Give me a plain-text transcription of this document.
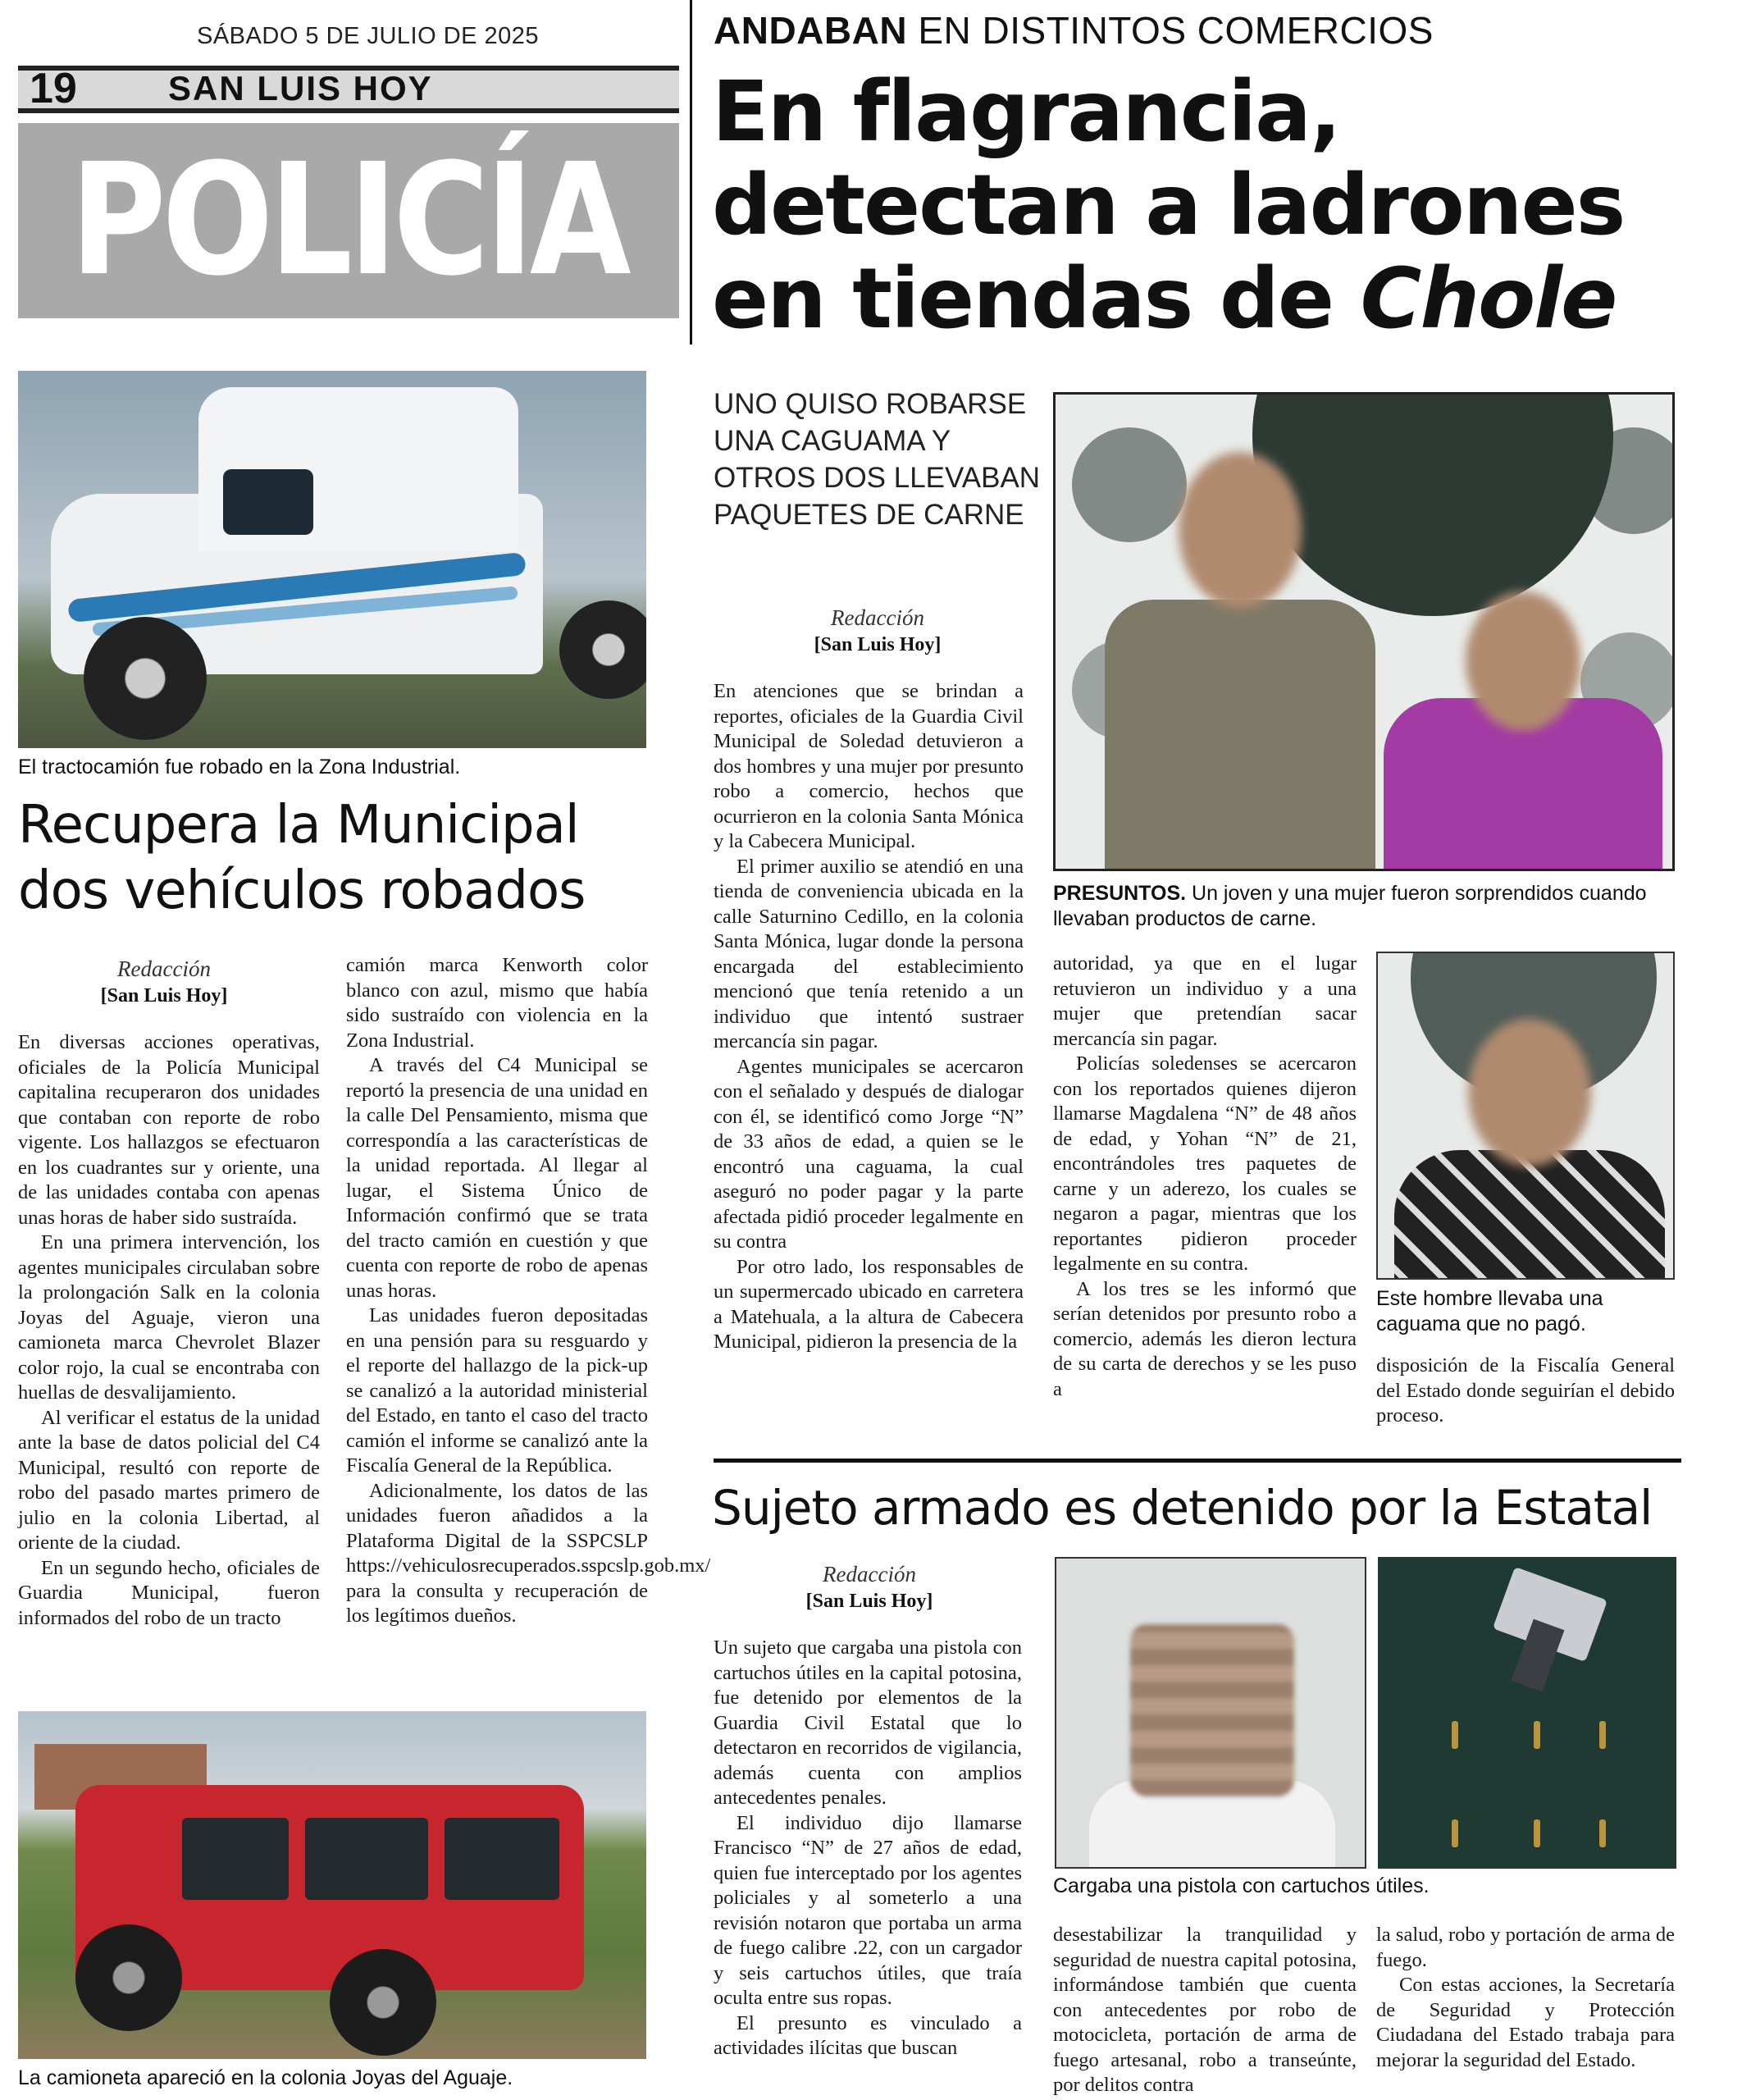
SÁBADO 5 DE JULIO DE 2025
19	SAN LUIS HOY
POLICÍA
ANDABAN EN DISTINTOS COMERCIOS
En flagrancia,
detectan a ladrones
en tiendas de Chole
UNO QUISO ROBARSE UNA CAGUAMA Y OTROS DOS LLEVABAN PAQUETES DE CARNE
Redacción
[San Luis Hoy]

En atenciones que se brindan a reportes, oficiales de la Guardia Civil Municipal de Soledad detuvieron a dos hombres y una mujer por presunto robo a comercio, hechos que ocurrieron en la colonia Santa Mónica y la Cabecera Municipal.

El primer auxilio se atendió en una tienda de conveniencia ubicada en la calle Saturnino Cedillo, en la colonia Santa Mónica, lugar donde la persona encargada del establecimiento mencionó que tenía retenido a un individuo que intentó sustraer mercancía sin pagar.

Agentes municipales se acercaron con el señalado y después de dialogar con él, se identificó como Jorge “N” de 33 años de edad, a quien se le encontró una caguama, la cual aseguró no poder pagar y la parte afectada pidió proceder legalmente en su contra

Por otro lado, los responsables de un supermercado ubicado en carretera a Matehuala, a la altura de Cabecera Municipal, pidieron la presencia de la

autoridad, ya que en el lugar retuvieron un individuo y a una mujer que pretendían sacar mercancía sin pagar.

Policías soledenses se acercaron con los reportados quienes dijeron llamarse Magdalena “N” de 48 años de edad, y Yohan “N” de 21, encontrándoles tres paquetes de carne y un aderezo, los cuales se negaron a pagar, mientras que los reportantes pidieron proceder legalmente en su contra.

A los tres se les informó que serían detenidos por presunto robo a comercio, además les dieron lectura de su carta de derechos y se les puso a

disposición de la Fiscalía General del Estado donde seguirían el debido proceso.

PRESUNTOS. Un joven y una mujer fueron sorprendidos cuando llevaban productos de carne.
Este hombre llevaba una caguama que no pagó.
El tractocamión fue robado en la Zona Industrial.
Recupera la Municipal dos vehículos robados
Redacción
[San Luis Hoy]

En diversas acciones operativas, oficiales de la Policía Municipal capitalina recuperaron dos unidades que contaban con reporte de robo vigente. Los hallazgos se efectuaron en los cuadrantes sur y oriente, una de las unidades contaba con apenas unas horas de haber sido sustraída.

En una primera intervención, los agentes municipales circulaban sobre la prolongación Salk en la colonia Joyas del Aguaje, vieron una camioneta marca Chevrolet Blazer color rojo, la cual se encontraba con huellas de desvalijamiento.

Al verificar el estatus de la unidad ante la base de datos policial del C4 Municipal, resultó con reporte de robo del pasado martes primero de julio en la colonia Libertad, al oriente de la ciudad.

En un segundo hecho, oficiales de Guardia Municipal, fueron informados del robo de un tracto

camión marca Kenworth color blanco con azul, mismo que había sido sustraído con violencia en la Zona Industrial.

A través del C4 Municipal se reportó la presencia de una unidad en la calle Del Pensamiento, misma que correspondía a las características de la unidad reportada. Al llegar al lugar, el Sistema Único de Información confirmó que se trata del tracto camión en cuestión y que cuenta con reporte de robo de apenas unas horas.

Las unidades fueron depositadas en una pensión para su resguardo y el reporte del hallazgo de la pick-up se canalizó a la autoridad ministerial del Estado, en tanto el caso del tracto camión el informe se canalizó ante la Fiscalía General de la República.

Adicionalmente, los datos de las unidades fueron añadidos a la Plataforma Digital de la SSPCSLP https://vehiculosrecuperados.sspcslp.gob.mx/ para la consulta y recuperación de los legítimos dueños.

La camioneta apareció en la colonia Joyas del Aguaje.
Sujeto armado es detenido por la Estatal
Redacción
[San Luis Hoy]

Un sujeto que cargaba una pistola con cartuchos útiles en la capital potosina, fue detenido por elementos de la Guardia Civil Estatal que lo detectaron en recorridos de vigilancia, además cuenta con amplios antecedentes penales.

El individuo dijo llamarse Francisco “N” de 27 años de edad, quien fue interceptado por los agentes policiales y al someterlo a una revisión notaron que portaba un arma de fuego calibre .22, con un cargador y seis cartuchos útiles, que traía oculta entre sus ropas.

El presunto es vinculado a actividades ilícitas que buscan

desestabilizar la tranquilidad y seguridad de nuestra capital potosina, informándose también que cuenta con antecedentes por robo de motocicleta, portación de arma de fuego artesanal, robo a transeúnte, por delitos contra

la salud, robo y portación de arma de fuego.

Con estas acciones, la Secretaría de Seguridad y Protección Ciudadana del Estado trabaja para mejorar la seguridad del Estado.

Cargaba una pistola con cartuchos útiles.
